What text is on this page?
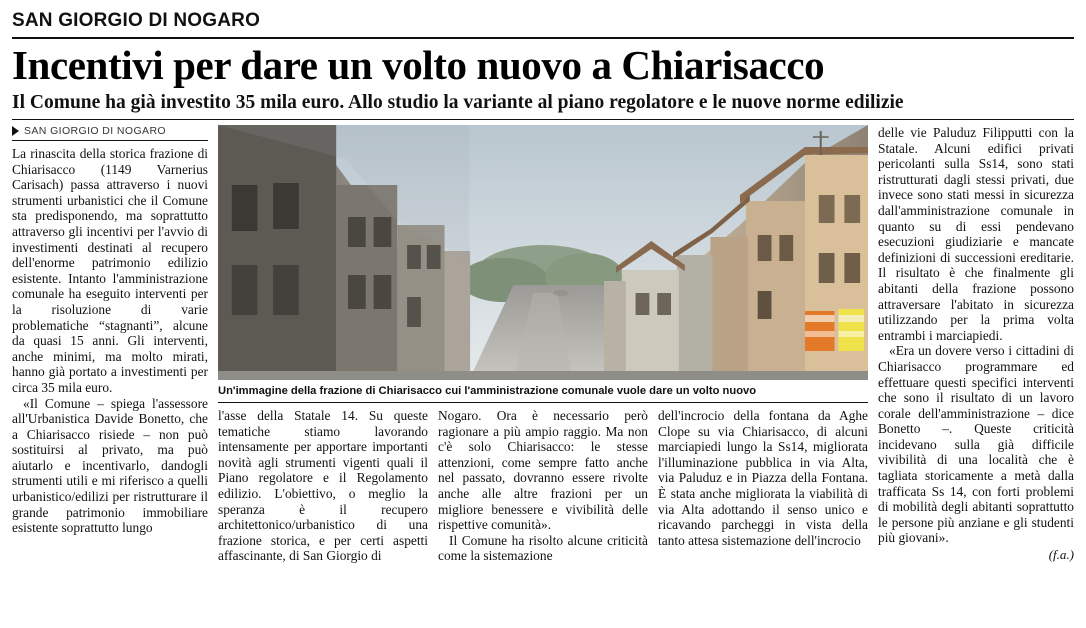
SAN GIORGIO DI NOGARO
Incentivi per dare un volto nuovo a Chiarisacco
Il Comune ha già investito 35 mila euro. Allo studio la variante al piano regolatore e le nuove norme edilizie
SAN GIORGIO DI NOGARO

La rinascita della storica frazione di Chiarisacco (1149 Varnerius Carisach) passa attraverso i nuovi strumenti urbanistici che il Comune sta predisponendo, ma soprattutto attraverso gli incentivi per l'avvio di investimenti destinati al recupero dell'enorme patrimonio edilizio esistente. Intanto l'amministrazione comunale ha eseguito interventi per la risoluzione di varie problematiche “stagnanti”, alcune da quasi 15 anni. Gli interventi, anche minimi, ma molto mirati, hanno già portato a investimenti per circa 35 mila euro.

«Il Comune – spiega l'assessore all'Urbanistica Davide Bonetto, che a Chiarisacco risiede – non può sostituirsi al privato, ma può aiutarlo e incentivarlo, dandogli strumenti utili e mi riferisco a quelli urbanistico/edilizi per ristrutturare il grande patrimonio immobiliare esistente soprattutto lungo

Un'immagine della frazione di Chiarisacco cui l'amministrazione comunale vuole dare un volto nuovo

l'asse della Statale 14. Su queste tematiche stiamo lavorando intensamente per apportare importanti novità agli strumenti vigenti quali il Piano regolatore e il Regolamento edilizio. L'obiettivo, o meglio la speranza è il recupero architettonico/urbanistico di una frazione storica, e per certi aspetti affascinante, di San Giorgio di

Nogaro. Ora è necessario però ragionare a più ampio raggio. Ma non c'è solo Chiarisacco: le stesse attenzioni, come sempre fatto anche nel passato, dovranno essere rivolte anche alle altre frazioni per un migliore benessere e vivibilità delle rispettive comunità».

Il Comune ha risolto alcune criticità come la sistemazione

dell'incrocio della fontana da Aghe Clope su via Chiarisacco, di alcuni marciapiedi lungo la Ss14, migliorata l'illuminazione pubblica in via Alta, via Paluduz e in Piazza della Fontana. È stata anche migliorata la viabilità di via Alta adottando il senso unico e ricavando parcheggi in vista della tanto attesa sistemazione dell'incrocio

delle vie Paluduz Filipputti con la Statale. Alcuni edifici privati pericolanti sulla Ss14, sono stati ristrutturati dagli stessi privati, due invece sono stati messi in sicurezza dall'amministrazione comunale in quanto su di essi pendevano esecuzioni giudiziarie e mancate definizioni di successioni ereditarie. Il risultato è che finalmente gli abitanti della frazione possono attraversare l'abitato in sicurezza utilizzando per la prima volta entrambi i marciapiedi.

«Era un dovere verso i cittadini di Chiarisacco programmare ed effettuare questi specifici interventi che sono il risultato di un lavoro corale dell'amministrazione – dice Bonetto –. Queste criticità incidevano sulla già difficile vivibilità di una località che è tagliata storicamente a metà dalla trafficata Ss 14, con forti problemi di mobilità degli abitanti soprattutto le persone più anziane e gli studenti più giovani».

(f.a.)
